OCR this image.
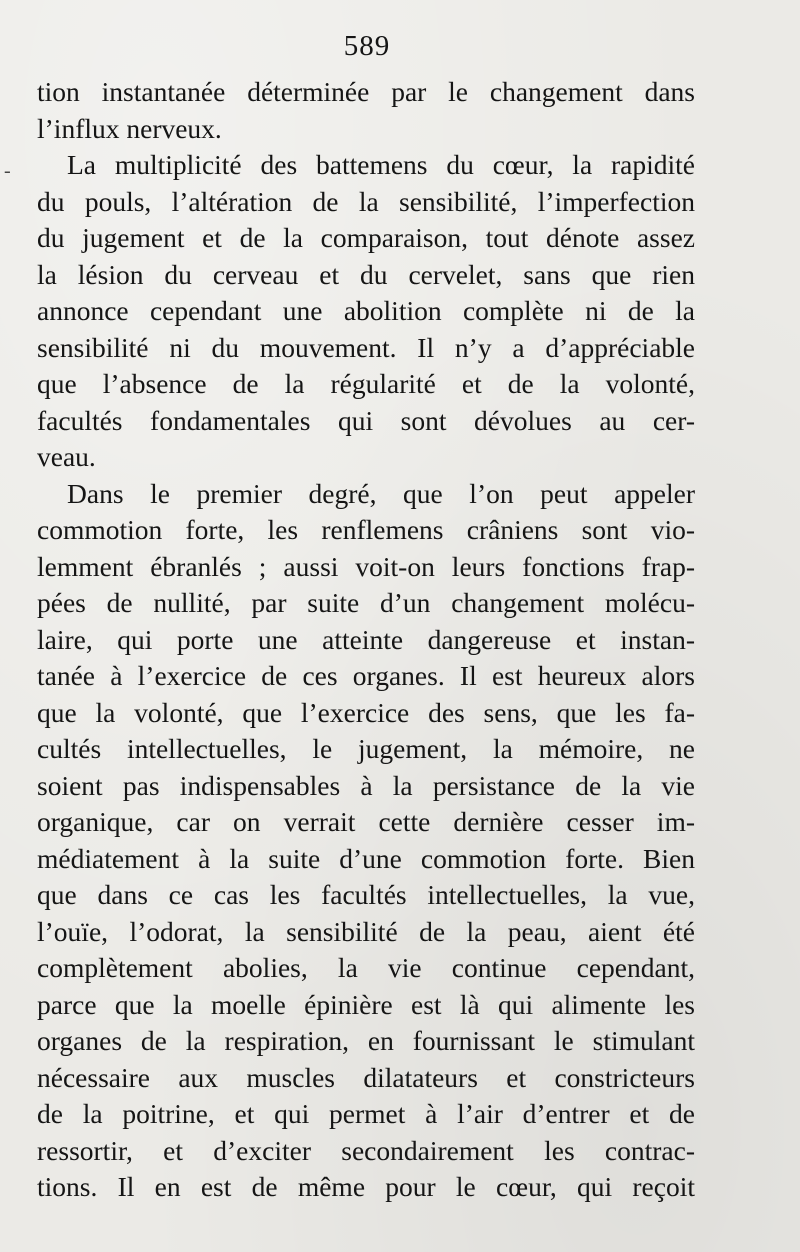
589
-
tion instantanée déterminée par le changement dans
l’influx nerveux.
La multiplicité des battemens du cœur, la rapidité
du pouls, l’altération de la sensibilité, l’imperfection
du jugement et de la comparaison, tout dénote assez
la lésion du cerveau et du cervelet, sans que rien
annonce cependant une abolition complète ni de la
sensibilité ni du mouvement. Il n’y a d’appréciable
que l’absence de la régularité et de la volonté,
facultés fondamentales qui sont dévolues au cer-
veau.
Dans le premier degré, que l’on peut appeler
commotion forte, les renflemens crâniens sont vio-
lemment ébranlés ; aussi voit-on leurs fonctions frap-
pées de nullité, par suite d’un changement molécu-
laire, qui porte une atteinte dangereuse et instan-
tanée à l’exercice de ces organes. Il est heureux alors
que la volonté, que l’exercice des sens, que les fa-
cultés intellectuelles, le jugement, la mémoire, ne
soient pas indispensables à la persistance de la vie
organique, car on verrait cette dernière cesser im-
médiatement à la suite d’une commotion forte. Bien
que dans ce cas les facultés intellectuelles, la vue,
l’ouïe, l’odorat, la sensibilité de la peau, aient été
complètement abolies, la vie continue cependant,
parce que la moelle épinière est là qui alimente les
organes de la respiration, en fournissant le stimulant
nécessaire aux muscles dilatateurs et constricteurs
de la poitrine, et qui permet à l’air d’entrer et de
ressortir, et d’exciter secondairement les contrac-
tions. Il en est de même pour le cœur, qui reçoit
